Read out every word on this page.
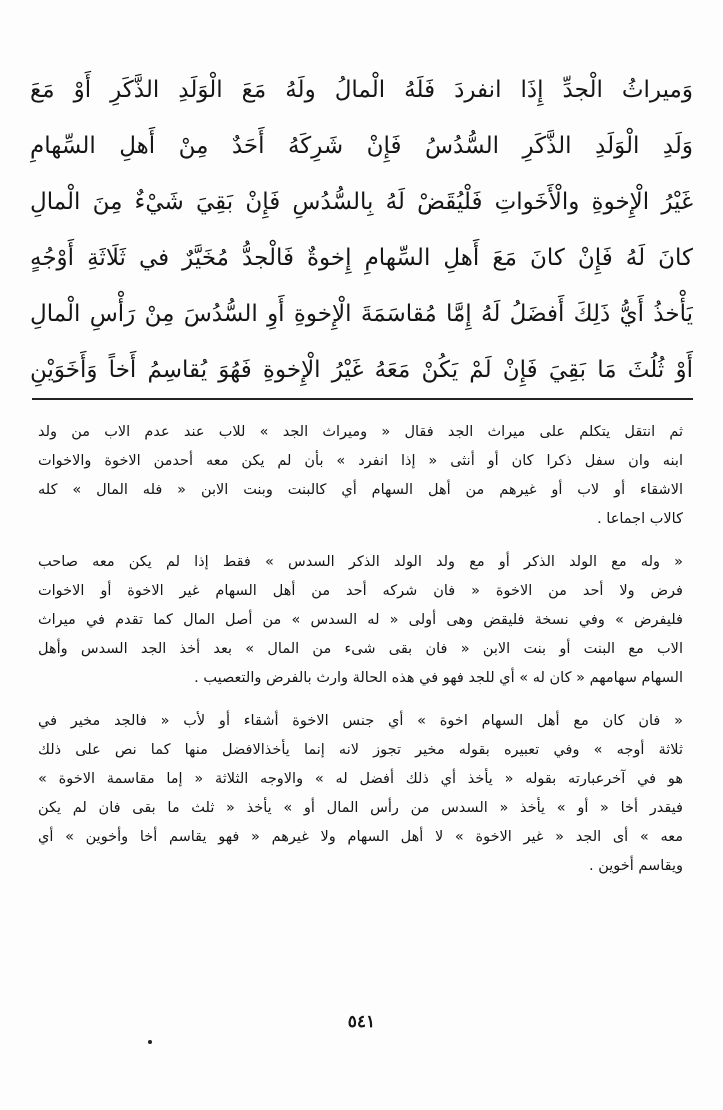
وَميراثُ الْجدِّ إِذَا انفردَ فَلَهُ الْمالُ ولَهُ مَعَ الْوَلَدِ الذَّكَرِ أَوْ مَعَ
وَلَدِ الْوَلَدِ الذَّكَرِ السُّدُسُ فَإِنْ شَرِكَهُ أَحَدٌ مِنْ أَهلِ السِّهامِ
غَيْرُ الْإِخوةِ والْأَخَواتِ فَلْيُقَضْ لَهُ بِالسُّدُسِ فَإِنْ بَقِيَ شَيْءٌ مِنَ الْمالِ
كانَ لَهُ فَإِنْ كانَ مَعَ أَهلِ السِّهامِ إِخوةٌ فَالْجدُّ مُخَيَّرٌ في ثَلَاثَةِ أَوْجُهٍ
يَأْخذُ أَيُّ ذَلِكَ أَفضَلُ لَهُ إِمَّا مُقاسَمَةَ الْإِخوةِ أَوِ السُّدُسَ مِنْ رَأْسِ الْمالِ
أَوْ ثُلُثَ مَا بَقِيَ فَإِنْ لَمْ يَكُنْ مَعَهُ غَيْرُ الْإِخوةِ فَهُوَ يُقاسِمُ أَخاً وَأَخَوَيْنِ
ثم انتقل يتكلم على ميراث الجد فقال « وميراث الجد » للاب عند عدم الاب من ولد
ابنه وان سفل ذكرا كان أو أنثى « إذا انفرد » بأن لم يكن معه أحدمن الاخوة والاخوات
الاشقاء أو لاب أو غيرهم من أهل السهام أي كالبنت وبنت الابن « فله المال » كله
كالاب اجماعا .
« وله مع الولد الذكر أو مع ولد الولد الذكر السدس » فقط إذا لم يكن معه صاحب
فرض ولا أحد من الاخوة « فان شركه أحد من أهل السهام غير الاخوة أو الاخوات
فليفرض » وفي نسخة فليقض وهى أولى « له السدس » من أصل المال كما تقدم في ميراث
الاب مع البنت أو بنت الابن « فان بقى شىء من المال » بعد أخذ الجد السدس وأهل
السهام سهامهم « كان له » أي للجد فهو في هذه الحالة وارث بالفرض والتعصيب .
« فان كان مع أهل السهام اخوة » أي جنس الاخوة أشقاء أو لأب « فالجد مخير في
ثلاثة أوجه » وفي تعبيره بقوله مخير تجوز لانه إنما يأخذالافضل منها كما نص على ذلك
هو في آخرعبارته بقوله « يأخذ أي ذلك أفضل له » والاوجه الثلاثة « إما مقاسمة الاخوة »
فيقدر أخا « أو » يأخذ « السدس من رأس المال أو » يأخذ « ثلث ما بقى فان لم يكن
معه » أى الجد « غير الاخوة » لا أهل السهام ولا غيرهم « فهو يقاسم أخا وأخوين » أي
ويقاسم أخوين .
٥٤١
